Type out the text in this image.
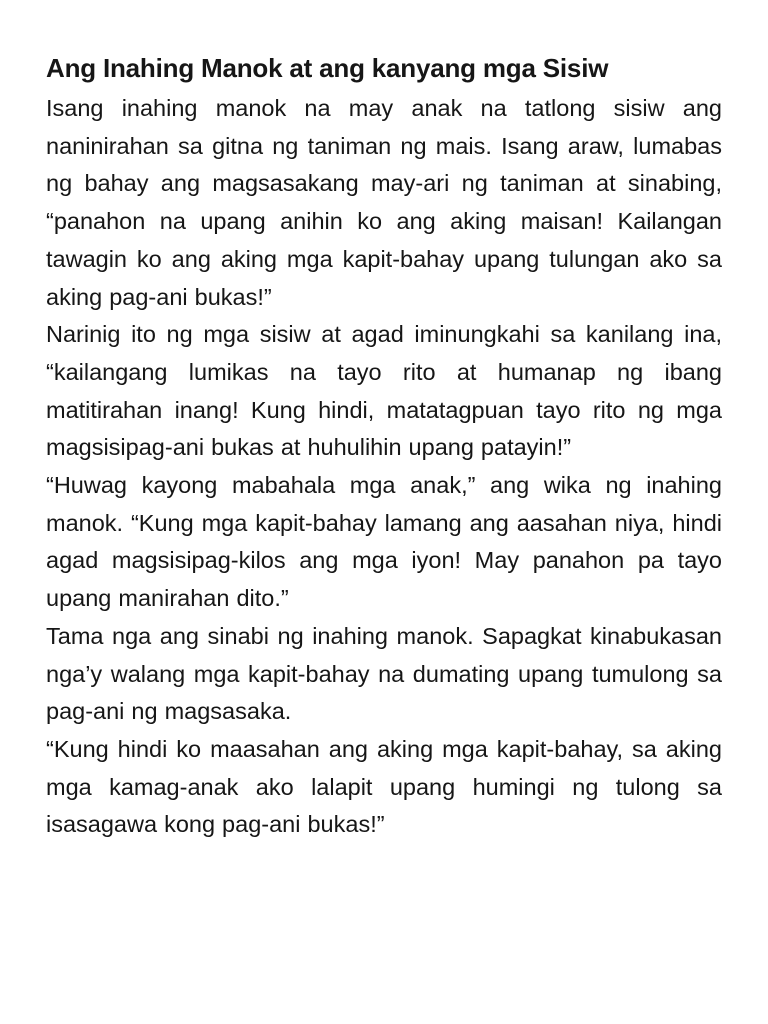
Ang Inahing Manok at ang kanyang mga Sisiw

Isang inahing manok na may anak na tatlong sisiw ang naninirahan sa gitna ng taniman ng mais. Isang araw, lumabas ng bahay ang magsasakang may-ari ng taniman at sinabing, “panahon na upang anihin ko ang aking maisan! Kailangan tawagin ko ang aking mga kapit-bahay upang tulungan ako sa aking pag-ani bukas!”

Narinig ito ng mga sisiw at agad iminungkahi sa kanilang ina, “kailangang lumikas na tayo rito at humanap ng ibang matitirahan inang! Kung hindi, matatagpuan tayo rito ng mga magsisipag-ani bukas at huhulihin upang patayin!”

“Huwag kayong mabahala mga anak,” ang wika ng inahing manok. “Kung mga kapit-bahay lamang ang aasahan niya, hindi agad magsisipag-kilos ang mga iyon! May panahon pa tayo upang manirahan dito.”

Tama nga ang sinabi ng inahing manok. Sapagkat kinabukasan nga’y walang mga kapit-bahay na dumating upang tumulong sa pag-ani ng magsasaka.

“Kung hindi ko maasahan ang aking mga kapit-bahay, sa aking mga kamag-anak ako lalapit upang humingi ng tulong sa isasagawa kong pag-ani bukas!”
